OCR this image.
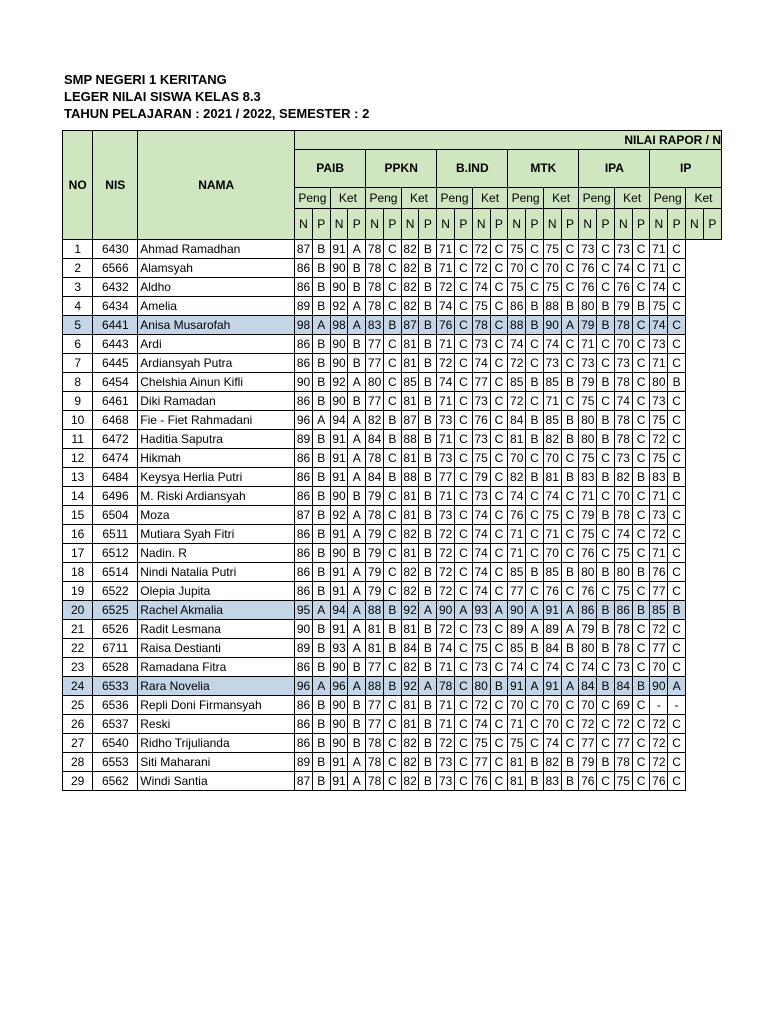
SMP NEGERI 1 KERITANG
LEGER NILAI SISWA KELAS 8.3
TAHUN PELAJARAN : 2021 / 2022, SEMESTER : 2
NO	NIS	NAMA	NILAI RAPOR / N																							
			PAIB				PPKN				B.IND				MTK				IPA				IP			
			Peng		Ket		Peng		Ket		Peng		Ket		Peng		Ket		Peng		Ket		Peng		Ket	
			N	P	N	P	N	P	N	P	N	P	N	P	N	P	N	P	N	P	N	P	N	P	N	P
1	6430	Ahmad Ramadhan	87	B	91	A	78	C	82	B	71	C	72	C	75	C	75	C	73	C	73	C	71	C		
2	6566	Alamsyah	86	B	90	B	78	C	82	B	71	C	72	C	70	C	70	C	76	C	74	C	71	C		
3	6432	Aldho	86	B	90	B	78	C	82	B	72	C	74	C	75	C	75	C	76	C	76	C	74	C		
4	6434	Amelia	89	B	92	A	78	C	82	B	74	C	75	C	86	B	88	B	80	B	79	B	75	C		
5	6441	Anisa Musarofah	98	A	98	A	83	B	87	B	76	C	78	C	88	B	90	A	79	B	78	C	74	C		
6	6443	Ardi	86	B	90	B	77	C	81	B	71	C	73	C	74	C	74	C	71	C	70	C	73	C		
7	6445	Ardiansyah Putra	86	B	90	B	77	C	81	B	72	C	74	C	72	C	73	C	73	C	73	C	71	C		
8	6454	Chelshia Ainun Kifli	90	B	92	A	80	C	85	B	74	C	77	C	85	B	85	B	79	B	78	C	80	B		
9	6461	Diki Ramadan	86	B	90	B	77	C	81	B	71	C	73	C	72	C	71	C	75	C	74	C	73	C		
10	6468	Fie - Fiet Rahmadani	96	A	94	A	82	B	87	B	73	C	76	C	84	B	85	B	80	B	78	C	75	C		
11	6472	Haditia Saputra	89	B	91	A	84	B	88	B	71	C	73	C	81	B	82	B	80	B	78	C	72	C		
12	6474	Hikmah	86	B	91	A	78	C	81	B	73	C	75	C	70	C	70	C	75	C	73	C	75	C		
13	6484	Keysya Herlia Putri	86	B	91	A	84	B	88	B	77	C	79	C	82	B	81	B	83	B	82	B	83	B		
14	6496	M. Riski Ardiansyah	86	B	90	B	79	C	81	B	71	C	73	C	74	C	74	C	71	C	70	C	71	C		
15	6504	Moza	87	B	92	A	78	C	81	B	73	C	74	C	76	C	75	C	79	B	78	C	73	C		
16	6511	Mutiara Syah Fitri	86	B	91	A	79	C	82	B	72	C	74	C	71	C	71	C	75	C	74	C	72	C		
17	6512	Nadin. R	86	B	90	B	79	C	81	B	72	C	74	C	71	C	70	C	76	C	75	C	71	C		
18	6514	Nindi Natalia Putri	86	B	91	A	79	C	82	B	72	C	74	C	85	B	85	B	80	B	80	B	76	C		
19	6522	Olepia Jupita	86	B	91	A	79	C	82	B	72	C	74	C	77	C	76	C	76	C	75	C	77	C		
20	6525	Rachel Akmalia	95	A	94	A	88	B	92	A	90	A	93	A	90	A	91	A	86	B	86	B	85	B		
21	6526	Radit Lesmana	90	B	91	A	81	B	81	B	72	C	73	C	89	A	89	A	79	B	78	C	72	C		
22	6711	Raisa Destianti	89	B	93	A	81	B	84	B	74	C	75	C	85	B	84	B	80	B	78	C	77	C		
23	6528	Ramadana Fitra	86	B	90	B	77	C	82	B	71	C	73	C	74	C	74	C	74	C	73	C	70	C		
24	6533	Rara Novelia	96	A	96	A	88	B	92	A	78	C	80	B	91	A	91	A	84	B	84	B	90	A		
25	6536	Repli Doni Firmansyah	86	B	90	B	77	C	81	B	71	C	72	C	70	C	70	C	70	C	69	C	-	-		
26	6537	Reski	86	B	90	B	77	C	81	B	71	C	74	C	71	C	70	C	72	C	72	C	72	C		
27	6540	Ridho Trijulianda	86	B	90	B	78	C	82	B	72	C	75	C	75	C	74	C	77	C	77	C	72	C		
28	6553	Siti Maharani	89	B	91	A	78	C	82	B	73	C	77	C	81	B	82	B	79	B	78	C	72	C		
29	6562	Windi Santia	87	B	91	A	78	C	82	B	73	C	76	C	81	B	83	B	76	C	75	C	76	C		
